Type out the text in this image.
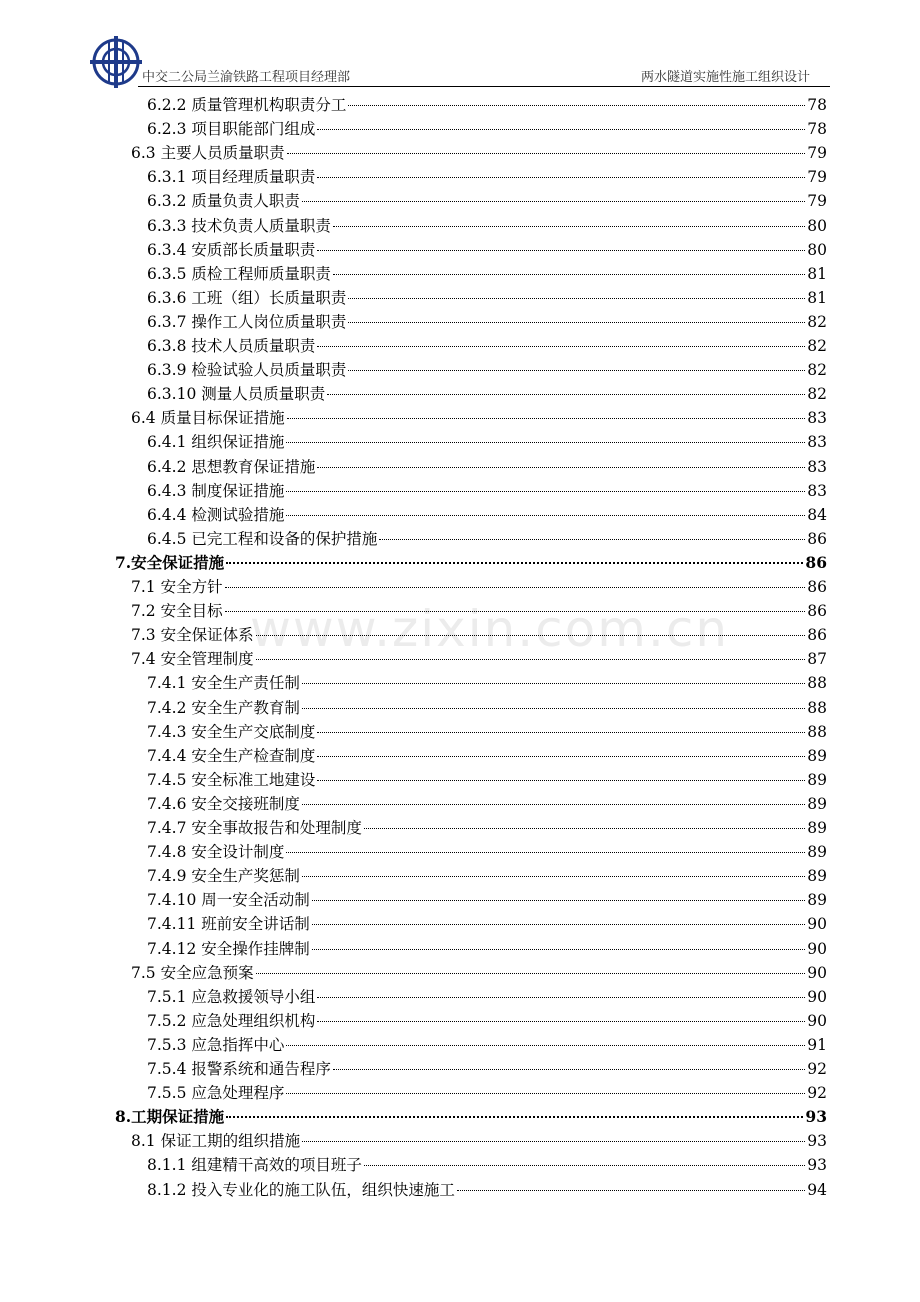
中交二公局兰渝铁路工程项目经理部	两水隧道实施性施工组织设计
www.zixin.com.cn
6.2.2 质量管理机构职责分工	78
6.2.3 项目职能部门组成	78
6.3 主要人员质量职责	79
6.3.1 项目经理质量职责	79
6.3.2 质量负责人职责	79
6.3.3 技术负责人质量职责	80
6.3.4 安质部长质量职责	80
6.3.5 质检工程师质量职责	81
6.3.6 工班（组）长质量职责	81
6.3.7 操作工人岗位质量职责	82
6.3.8 技术人员质量职责	82
6.3.9 检验试验人员质量职责	82
6.3.10 测量人员质量职责	82
6.4 质量目标保证措施	83
6.4.1 组织保证措施	83
6.4.2 思想教育保证措施	83
6.4.3 制度保证措施	83
6.4.4 检测试验措施	84
6.4.5 已完工程和设备的保护措施	86
7.安全保证措施	86
7.1 安全方针	86
7.2 安全目标	86
7.3 安全保证体系	86
7.4 安全管理制度	87
7.4.1 安全生产责任制	88
7.4.2 安全生产教育制	88
7.4.3 安全生产交底制度	88
7.4.4 安全生产检查制度	89
7.4.5 安全标准工地建设	89
7.4.6 安全交接班制度	89
7.4.7 安全事故报告和处理制度	89
7.4.8 安全设计制度	89
7.4.9 安全生产奖惩制	89
7.4.10 周一安全活动制	89
7.4.11 班前安全讲话制	90
7.4.12 安全操作挂牌制	90
7.5 安全应急预案	90
7.5.1 应急救援领导小组	90
7.5.2 应急处理组织机构	90
7.5.3 应急指挥中心	91
7.5.4 报警系统和通告程序	92
7.5.5 应急处理程序	92
8.工期保证措施	93
8.1 保证工期的组织措施	93
8.1.1 组建精干高效的项目班子	93
8.1.2 投入专业化的施工队伍，组织快速施工	94
